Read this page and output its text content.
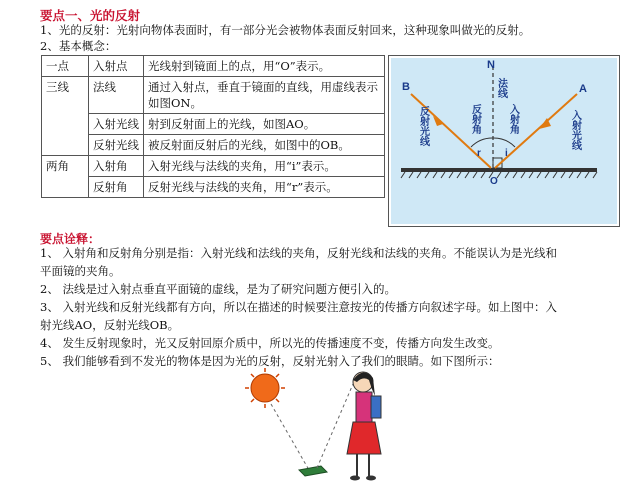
要点一、光的反射
1、光的反射：光射向物体表面时，有一部分光会被物体表面反射回来，这种现象叫做光的反射。
2、基本概念：
一点	入射点	光线射到镜面上的点，用“O”表示。
三线	法线	通过入射点，垂直于镜面的直线，用虚线表示如图ON。
	入射光线	射到反射面上的光线，如图AO。
	反射光线	被反射面反射后的光线，如图中的OB。
两角	入射角	入射光线与法线的夹角，用“i”表示。
	反射角	反射光线与法线的夹角，用“r”表示。
B	A
N
O
r i
法线
入射角
反射角	入射光线
反射光线
要点诠释：
1、 入射角和反射角分别是指：入射光线和法线的夹角，反射光线和法线的夹角。不能误认为是光线和
平面镜的夹角。
2、 法线是过入射点垂直平面镜的虚线，是为了研究问题方便引入的。
3、 入射光线和反射光线都有方向，所以在描述的时候要注意按光的传播方向叙述字母。如上图中：入
射光线AO，反射光线OB。
4、 发生反射现象时，光又反射回原介质中，所以光的传播速度不变，传播方向发生改变。
5、 我们能够看到不发光的物体是因为光的反射，反射光射入了我们的眼睛。如下图所示：
